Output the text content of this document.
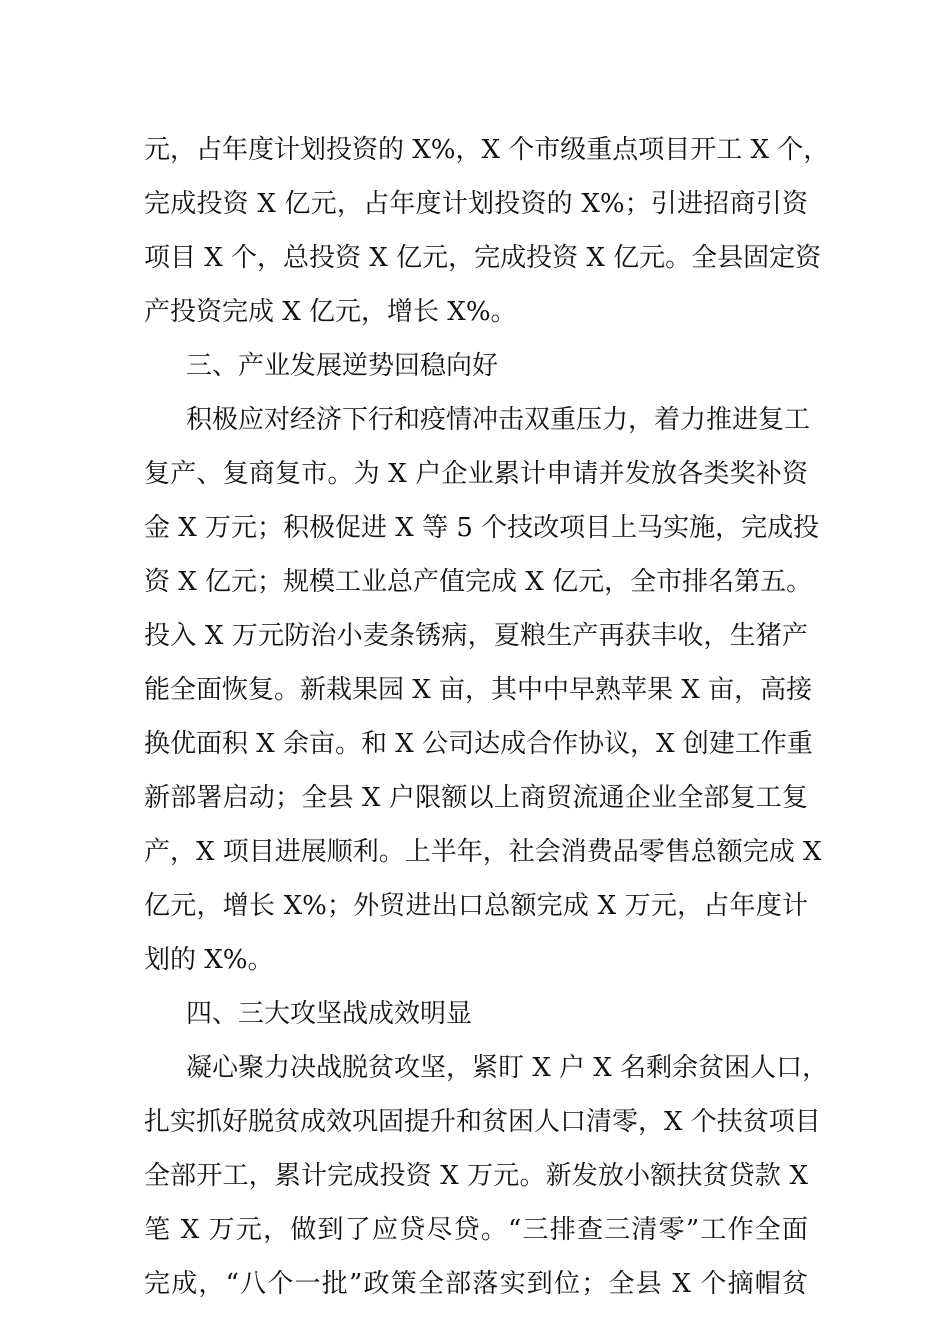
元，占年度计划投资的 X%，X 个市级重点项目开工 X 个，
完成投资 X 亿元，占年度计划投资的 X%；引进招商引资
项目 X 个，总投资 X 亿元，完成投资 X 亿元。全县固定资
产投资完成 X 亿元，增长 X%。
三、产业发展逆势回稳向好
积极应对经济下行和疫情冲击双重压力，着力推进复工
复产、复商复市。为 X 户企业累计申请并发放各类奖补资
金 X 万元；积极促进 X 等 5 个技改项目上马实施，完成投
资 X 亿元；规模工业总产值完成 X 亿元，全市排名第五。
投入 X 万元防治小麦条锈病，夏粮生产再获丰收，生猪产
能全面恢复。新栽果园 X 亩，其中中早熟苹果 X 亩，高接
换优面积 X 余亩。和 X 公司达成合作协议，X 创建工作重
新部署启动；全县 X 户限额以上商贸流通企业全部复工复
产，X 项目进展顺利。上半年，社会消费品零售总额完成 X
亿元，增长 X%；外贸进出口总额完成 X 万元，占年度计
划的 X%。
四、三大攻坚战成效明显
凝心聚力决战脱贫攻坚，紧盯 X 户 X 名剩余贫困人口，
扎实抓好脱贫成效巩固提升和贫困人口清零，X 个扶贫项目
全部开工，累计完成投资 X 万元。新发放小额扶贫贷款 X
笔 X 万元，做到了应贷尽贷。“三排查三清零”工作全面
完成，“八个一批”政策全部落实到位；全县 X 个摘帽贫
